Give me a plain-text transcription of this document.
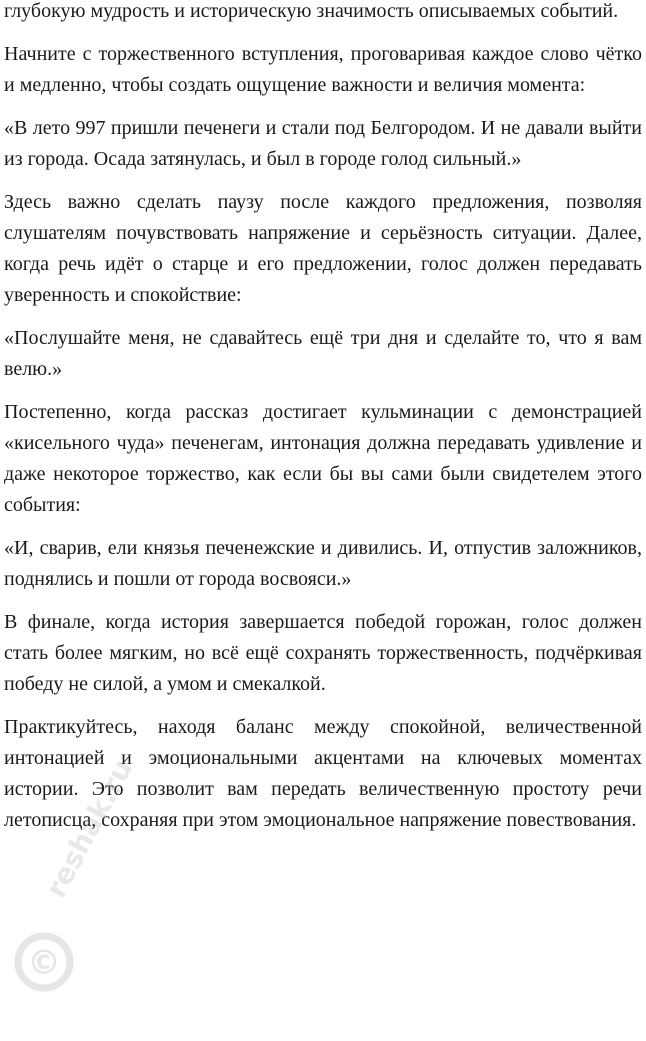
глубокую мудрость и историческую значимость описываемых событий.

Начните с торжественного вступления, проговаривая каждое слово чётко и медленно, чтобы создать ощущение важности и величия момента:

«В лето 997 пришли печенеги и стали под Белгородом. И не давали выйти из города. Осада затянулась, и был в городе голод сильный.»

Здесь важно сделать паузу после каждого предложения, позволяя слушателям почувствовать напряжение и серьёзность ситуации. Далее, когда речь идёт о старце и его предложении, голос должен передавать уверенность и спокойствие:

«Послушайте меня, не сдавайтесь ещё три дня и сделайте то, что я вам велю.»

Постепенно, когда рассказ достигает кульминации с демонстрацией «кисельного чуда» печенегам, интонация должна передавать удивление и даже некоторое торжество, как если бы вы сами были свидетелем этого события:

«И, сварив, ели князья печенежские и дивились. И, отпустив заложников, поднялись и пошли от города восвояси.»

В финале, когда история завершается победой горожан, голос должен стать более мягким, но всё ещё сохранять торжественность, подчёркивая победу не силой, а умом и смекалкой.

Практикуйтесь, находя баланс между спокойной, величественной интонацией и эмоциональными акцентами на ключевых моментах истории. Это позволит вам передать величественную простоту речи летописца, сохраняя при этом эмоциональное напряжение повествования.

©
reshak.ru
